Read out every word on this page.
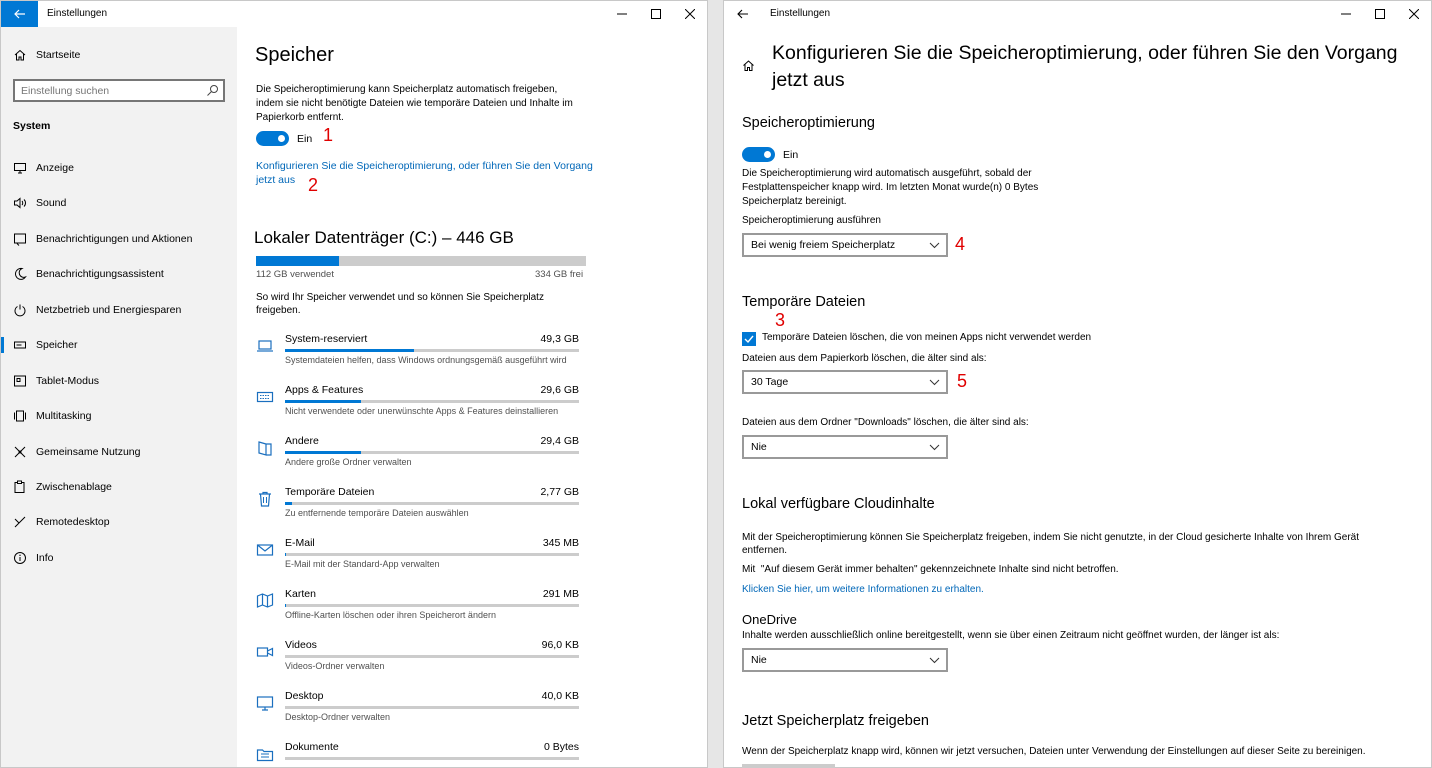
Einstellungen
Startseite
Einstellung suchen
System
Anzeige
Sound
Benachrichtigungen und Aktionen
Benachrichtigungsassistent
Netzbetrieb und Energiesparen
Speicher
Tablet-Modus
Multitasking
Gemeinsame Nutzung
Zwischenablage
Remotedesktop
Info
Speicher
Die Speicheroptimierung kann Speicherplatz automatisch freigeben, indem sie nicht benötigte Dateien wie temporäre Dateien und Inhalte im Papierkorb entfernt.
Ein 1
Konfigurieren Sie die Speicheroptimierung, oder führen Sie den Vorgang jetzt aus 2
Lokaler Datenträger (C:) – 446 GB
112 GB verwendet	334 GB frei
So wird Ihr Speicher verwendet und so können Sie Speicherplatz freigeben.
System-reserviert	49,3 GB
Systemdateien helfen, dass Windows ordnungsgemäß ausgeführt wird
Apps & Features	29,6 GB
Nicht verwendete oder unerwünschte Apps & Features deinstallieren
Andere	29,4 GB
Andere große Ordner verwalten
Temporäre Dateien	2,77 GB
Zu entfernende temporäre Dateien auswählen
E-Mail	345 MB
E-Mail mit der Standard-App verwalten
Karten	291 MB
Offline-Karten löschen oder ihren Speicherort ändern
Videos	96,0 KB
Videos-Ordner verwalten
Desktop	40,0 KB
Desktop-Ordner verwalten
Dokumente	0 Bytes
Einstellungen
Konfigurieren Sie die Speicheroptimierung, oder führen Sie den Vorgang jetzt aus
Speicheroptimierung
Ein
Die Speicheroptimierung wird automatisch ausgeführt, sobald der Festplattenspeicher knapp wird. Im letzten Monat wurde(n) 0 Bytes Speicherplatz bereinigt.
Speicheroptimierung ausführen
Bei wenig freiem Speicherplatz	4
Temporäre Dateien
3
Temporäre Dateien löschen, die von meinen Apps nicht verwendet werden
Dateien aus dem Papierkorb löschen, die älter sind als:
30 Tage	5
Dateien aus dem Ordner "Downloads" löschen, die älter sind als:
Nie
Lokal verfügbare Cloudinhalte
Mit der Speicheroptimierung können Sie Speicherplatz freigeben, indem Sie nicht genutzte, in der Cloud gesicherte Inhalte von Ihrem Gerät entfernen.
Mit  "Auf diesem Gerät immer behalten" gekennzeichnete Inhalte sind nicht betroffen.
Klicken Sie hier, um weitere Informationen zu erhalten.
OneDrive
Inhalte werden ausschließlich online bereitgestellt, wenn sie über einen Zeitraum nicht geöffnet wurden, der länger ist als:
Nie
Jetzt Speicherplatz freigeben
Wenn der Speicherplatz knapp wird, können wir jetzt versuchen, Dateien unter Verwendung der Einstellungen auf dieser Seite zu bereinigen.
